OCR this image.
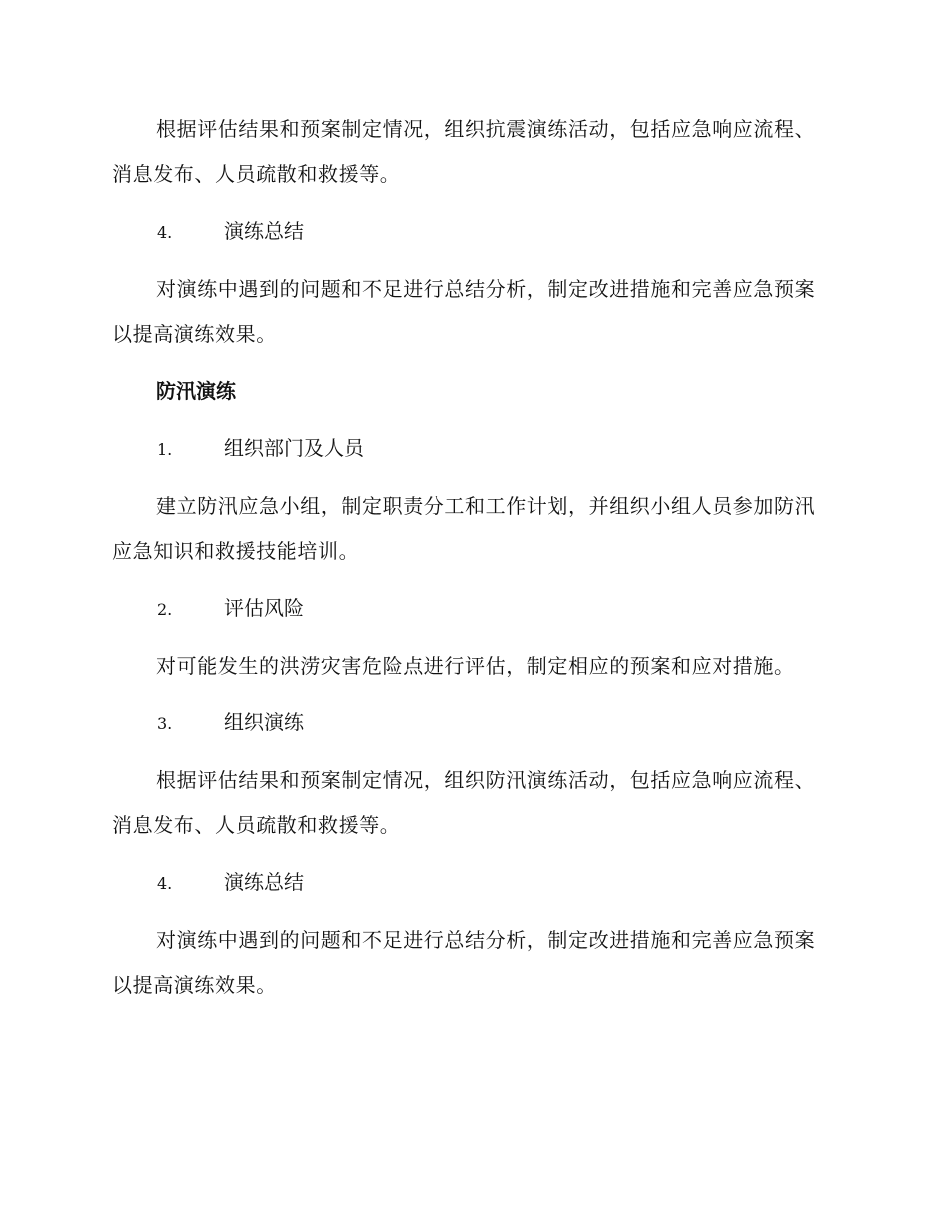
根据评估结果和预案制定情况，组织抗震演练活动，包括应急响应流程、消息发布、人员疏散和救援等。

4.	演练总结

对演练中遇到的问题和不足进行总结分析，制定改进措施和完善应急预案以提高演练效果。

防汛演练
1.	组织部门及人员

建立防汛应急小组，制定职责分工和工作计划，并组织小组人员参加防汛应急知识和救援技能培训。

2.	评估风险

对可能发生的洪涝灾害危险点进行评估，制定相应的预案和应对措施。

3.	组织演练

根据评估结果和预案制定情况，组织防汛演练活动，包括应急响应流程、消息发布、人员疏散和救援等。

4.	演练总结

对演练中遇到的问题和不足进行总结分析，制定改进措施和完善应急预案以提高演练效果。
